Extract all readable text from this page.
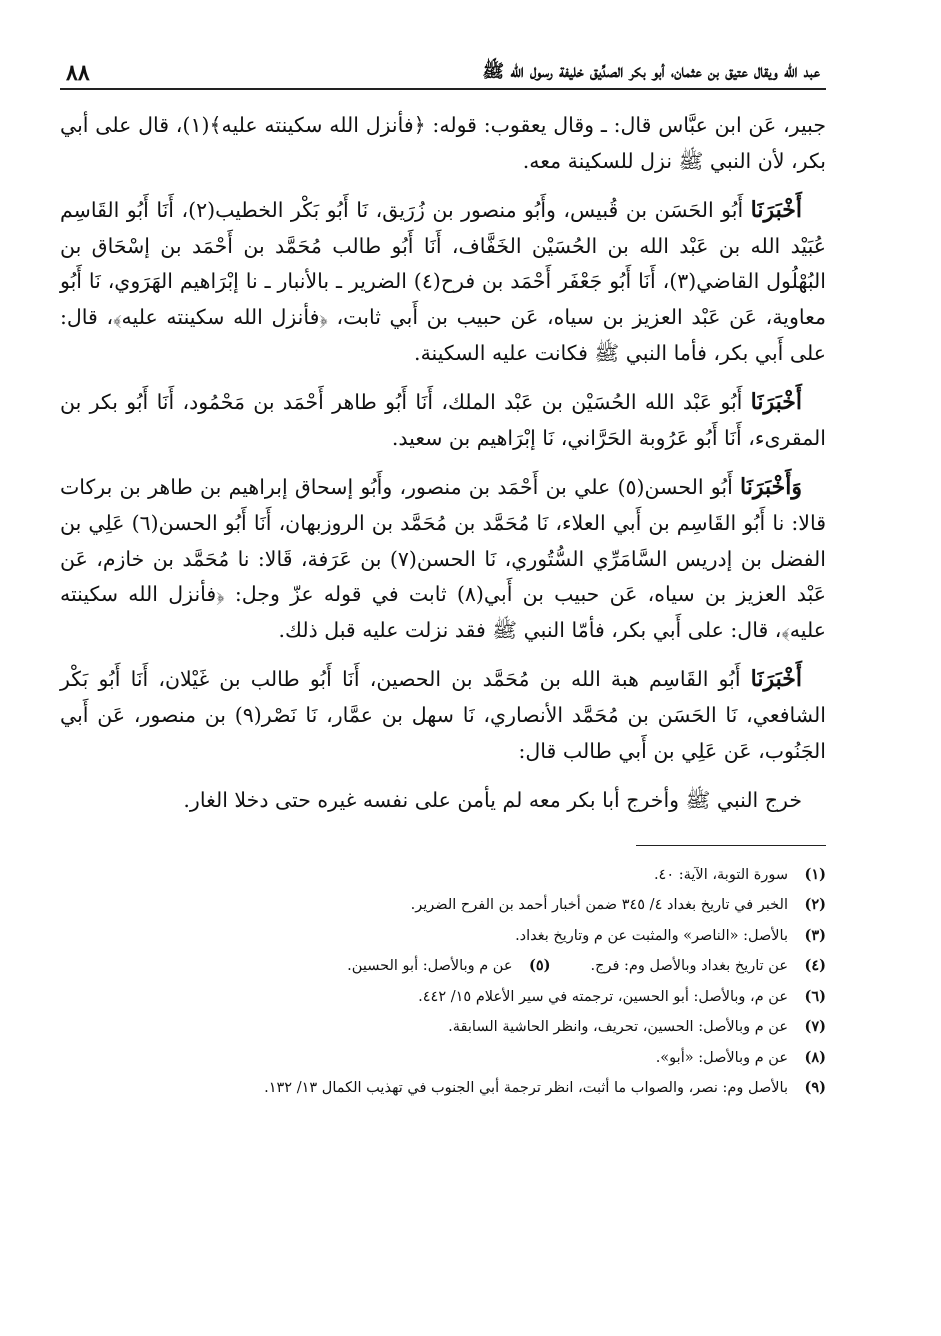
عبد الله ويقال عتيق بن عثمان، أبو بكر الصدِّيق خليفة رسول الله ﷺ
٨٨

جبير، عَن ابن عبَّاس قال: ـ وقال يعقوب: قوله: ﴿فأنزل الله سكينته عليه﴾(١)، قال على أبي بكر، لأن النبي ﷺ نزل للسكينة معه.

أَخْبَرَنَا أَبُو الحَسَن بن قُبيس، وأَبُو منصور بن زُرَيق، نَا أَبُو بَكْر الخطيب(٢)، أَنَا أَبُو القَاسِم عُبَيْد الله بن عَبْد الله بن الحُسَيْن الخَفَّاف، أَنَا أَبُو طالب مُحَمَّد بن أَحْمَد بن إسْحَاق بن البُهْلُول القاضي(٣)، أَنَا أَبُو جَعْفَر أَحْمَد بن فرح(٤) الضرير ـ بالأنبار ـ نا إبْرَاهيم الهَرَوي، نَا أَبُو معاوية، عَن عَبْد العزيز بن سياه، عَن حبيب بن أَبي ثابت، ﴿فأنزل الله سكينته عليه﴾، قال: على أَبي بكر، فأما النبي ﷺ فكانت عليه السكينة.

أَخْبَرَنَا أَبُو عَبْد الله الحُسَيْن بن عَبْد الملك، أَنَا أَبُو طاهر أَحْمَد بن مَحْمُود، أَنَا أَبُو بكر بن المقرىء، أَنَا أَبُو عَرُوبة الحَرَّاني، نَا إبْرَاهيم بن سعيد.

وَأَخْبَرَنَا أَبُو الحسن(٥) علي بن أَحْمَد بن منصور، وأَبُو إسحاق إبراهيم بن طاهر بن بركات قالا: نا أَبُو القَاسِم بن أَبي العلاء، نَا مُحَمَّد بن مُحَمَّد بن الروزبهان، أَنَا أَبُو الحسن(٦) عَلِي بن الفضل بن إدريس السَّامَرِّي السُّتُوري، نَا الحسن(٧) بن عَرَفة، قَالا: نا مُحَمَّد بن خازم، عَن عَبْد العزيز بن سياه، عَن حبيب بن أَبي(٨) ثابت في قوله عزّ وجل: ﴿فأنزل الله سكينته عليه﴾، قال: على أَبي بكر، فأمّا النبي ﷺ فقد نزلت عليه قبل ذلك.

أَخْبَرَنَا أَبُو القَاسِم هبة الله بن مُحَمَّد بن الحصين، أَنَا أَبُو طالب بن غَيْلان، أَنَا أَبُو بَكْر الشافعي، نَا الحَسَن بن مُحَمَّد الأنصاري، نَا سهل بن عمَّار، نَا نَصْر(٩) بن منصور، عَن أَبي الجَنُوب، عَن عَلِي بن أَبي طالب قال:

خرج النبي ﷺ وأخرج أبا بكر معه لم يأمن على نفسه غيره حتى دخلا الغار.

(١)
سورة التوبة، الآية: ٤٠.
(٢)
الخبر في تاريخ بغداد ٤/ ٣٤٥ ضمن أخبار أحمد بن الفرح الضرير.
(٣)
بالأصل: «الناصر» والمثبت عن م وتاريخ بغداد.
(٤)
عن تاريخ بغداد وبالأصل وم: فرج.
(٥)
عن م وبالأصل: أبو الحسين.
(٦)
عن م، وبالأصل: أبو الحسين، ترجمته في سير الأعلام ١٥/ ٤٤٢.
(٧)
عن م وبالأصل: الحسين، تحريف، وانظر الحاشية السابقة.
(٨)
عن م وبالأصل: «أبو».
(٩)
بالأصل وم: نصر، والصواب ما أثبت، انظر ترجمة أبي الجنوب في تهذيب الكمال ١٣/ ١٣٢.
